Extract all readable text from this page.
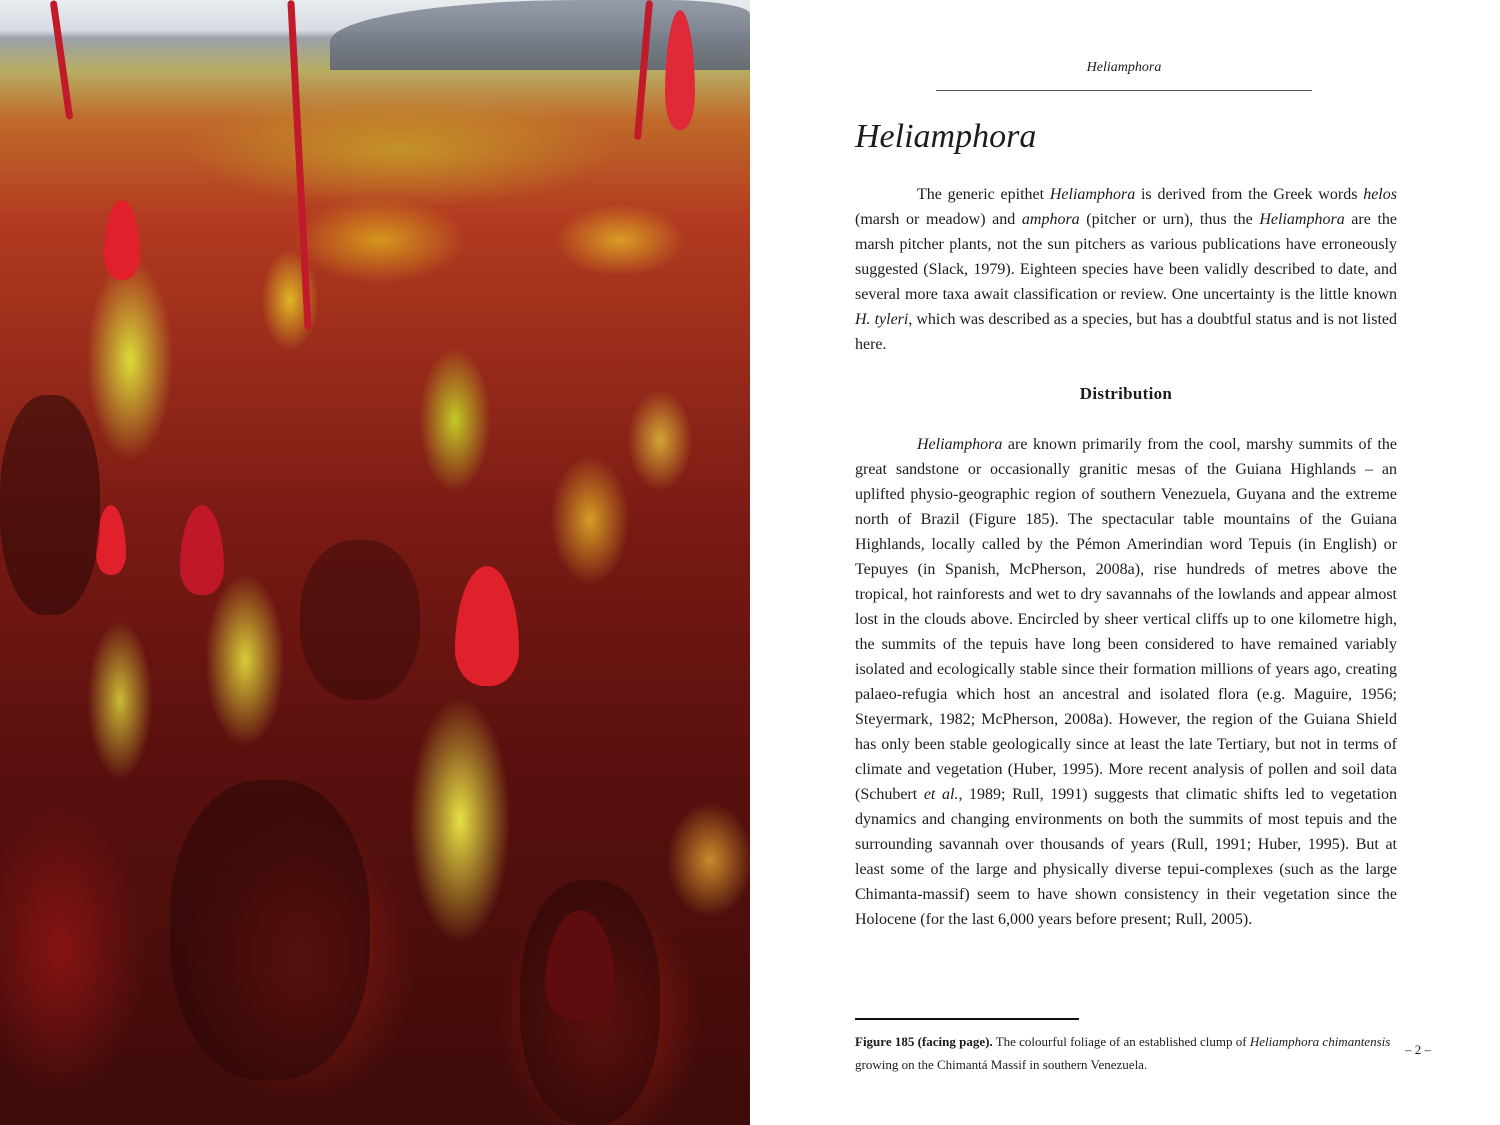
Heliamphora
Heliamphora

The generic epithet Heliamphora is derived from the Greek words helos (marsh or meadow) and amphora (pitcher or urn), thus the Heliamphora are the marsh pitcher plants, not the sun pitchers as various publications have erroneously suggested (Slack, 1979). Eighteen species have been validly described to date, and several more taxa await classification or review. One uncertainty is the little known H. tyleri, which was described as a species, but has a doubtful status and is not listed here.

Distribution

Heliamphora are known primarily from the cool, marshy summits of the great sandstone or occasionally granitic mesas of the Guiana Highlands – an uplifted physio-geographic region of southern Venezuela, Guyana and the extreme north of Brazil (Figure 185). The spectacular table mountains of the Guiana Highlands, locally called by the Pémon Amerindian word Tepuis (in English) or Tepuyes (in Spanish, McPherson, 2008a), rise hundreds of metres above the tropical, hot rainforests and wet to dry savannahs of the lowlands and appear almost lost in the clouds above. Encircled by sheer vertical cliffs up to one kilometre high, the summits of the tepuis have long been considered to have remained variably isolated and ecologically stable since their formation millions of years ago, creating palaeo-refugia which host an ancestral and isolated flora (e.g. Maguire, 1956; Steyermark, 1982; McPherson, 2008a). However, the region of the Guiana Shield has only been stable geologically since at least the late Tertiary, but not in terms of climate and vegetation (Huber, 1995). More recent analysis of pollen and soil data (Schubert et al., 1989; Rull, 1991) suggests that climatic shifts led to vegetation dynamics and changing environments on both the summits of most tepuis and the surrounding savannah over thousands of years (Rull, 1991; Huber, 1995). But at least some of the large and physically diverse tepui-complexes (such as the large Chimanta-massif) seem to have shown consistency in their vegetation since the Holocene (for the last 6,000 years before present; Rull, 2005).

Figure 185 (facing page). The colourful foliage of an established clump of Heliamphora chimantensis growing on the Chimantá Massif in southern Venezuela.

– 2 –
